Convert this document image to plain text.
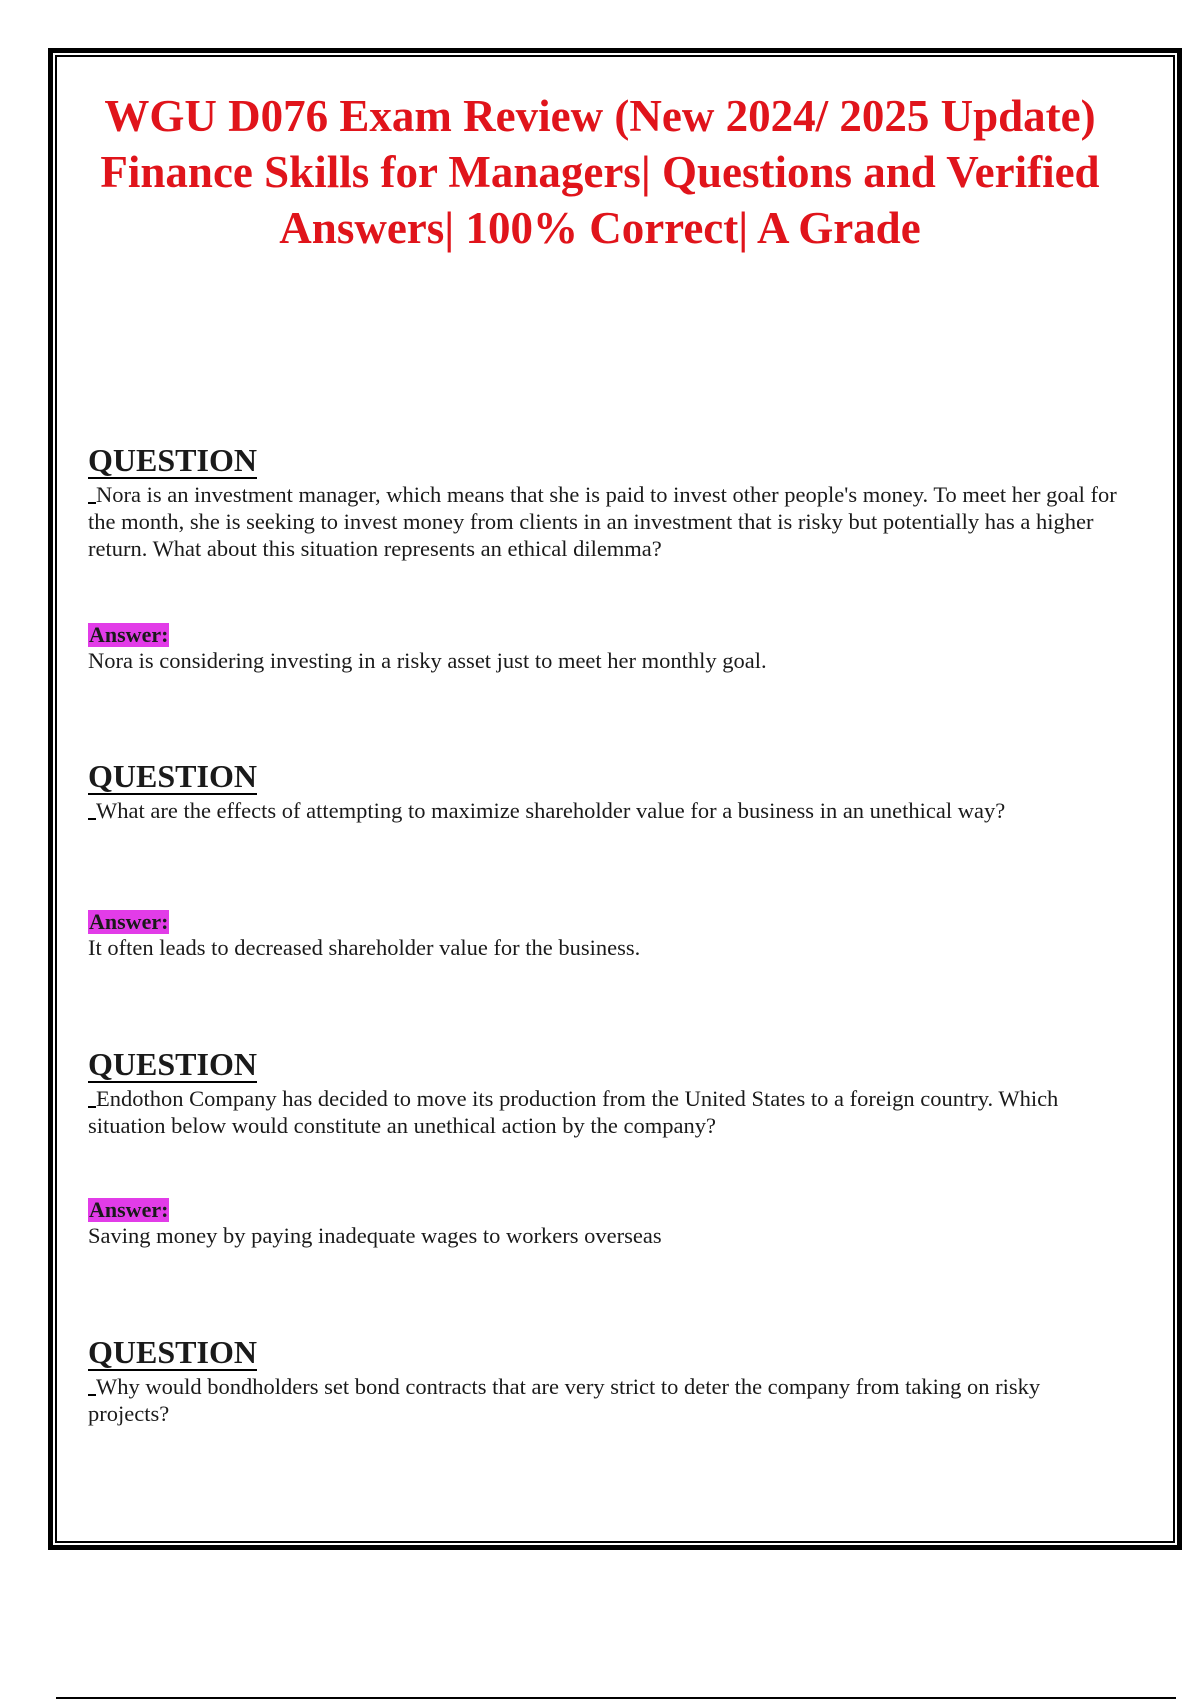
WGU D076 Exam Review (New 2024/ 2025 Update) Finance Skills for Managers| Questions and Verified Answers| 100% Correct| A Grade
QUESTION

Nora is an investment manager, which means that she is paid to invest other people's money. To meet her goal for the month, she is seeking to invest money from clients in an investment that is risky but potentially has a higher return. What about this situation represents an ethical dilemma?

Answer:

Nora is considering investing in a risky asset just to meet her monthly goal.

QUESTION

What are the effects of attempting to maximize shareholder value for a business in an unethical way?

Answer:

It often leads to decreased shareholder value for the business.

QUESTION

Endothon Company has decided to move its production from the United States to a foreign country. Which situation below would constitute an unethical action by the company?

Answer:

Saving money by paying inadequate wages to workers overseas

QUESTION

Why would bondholders set bond contracts that are very strict to deter the company from taking on risky projects?
